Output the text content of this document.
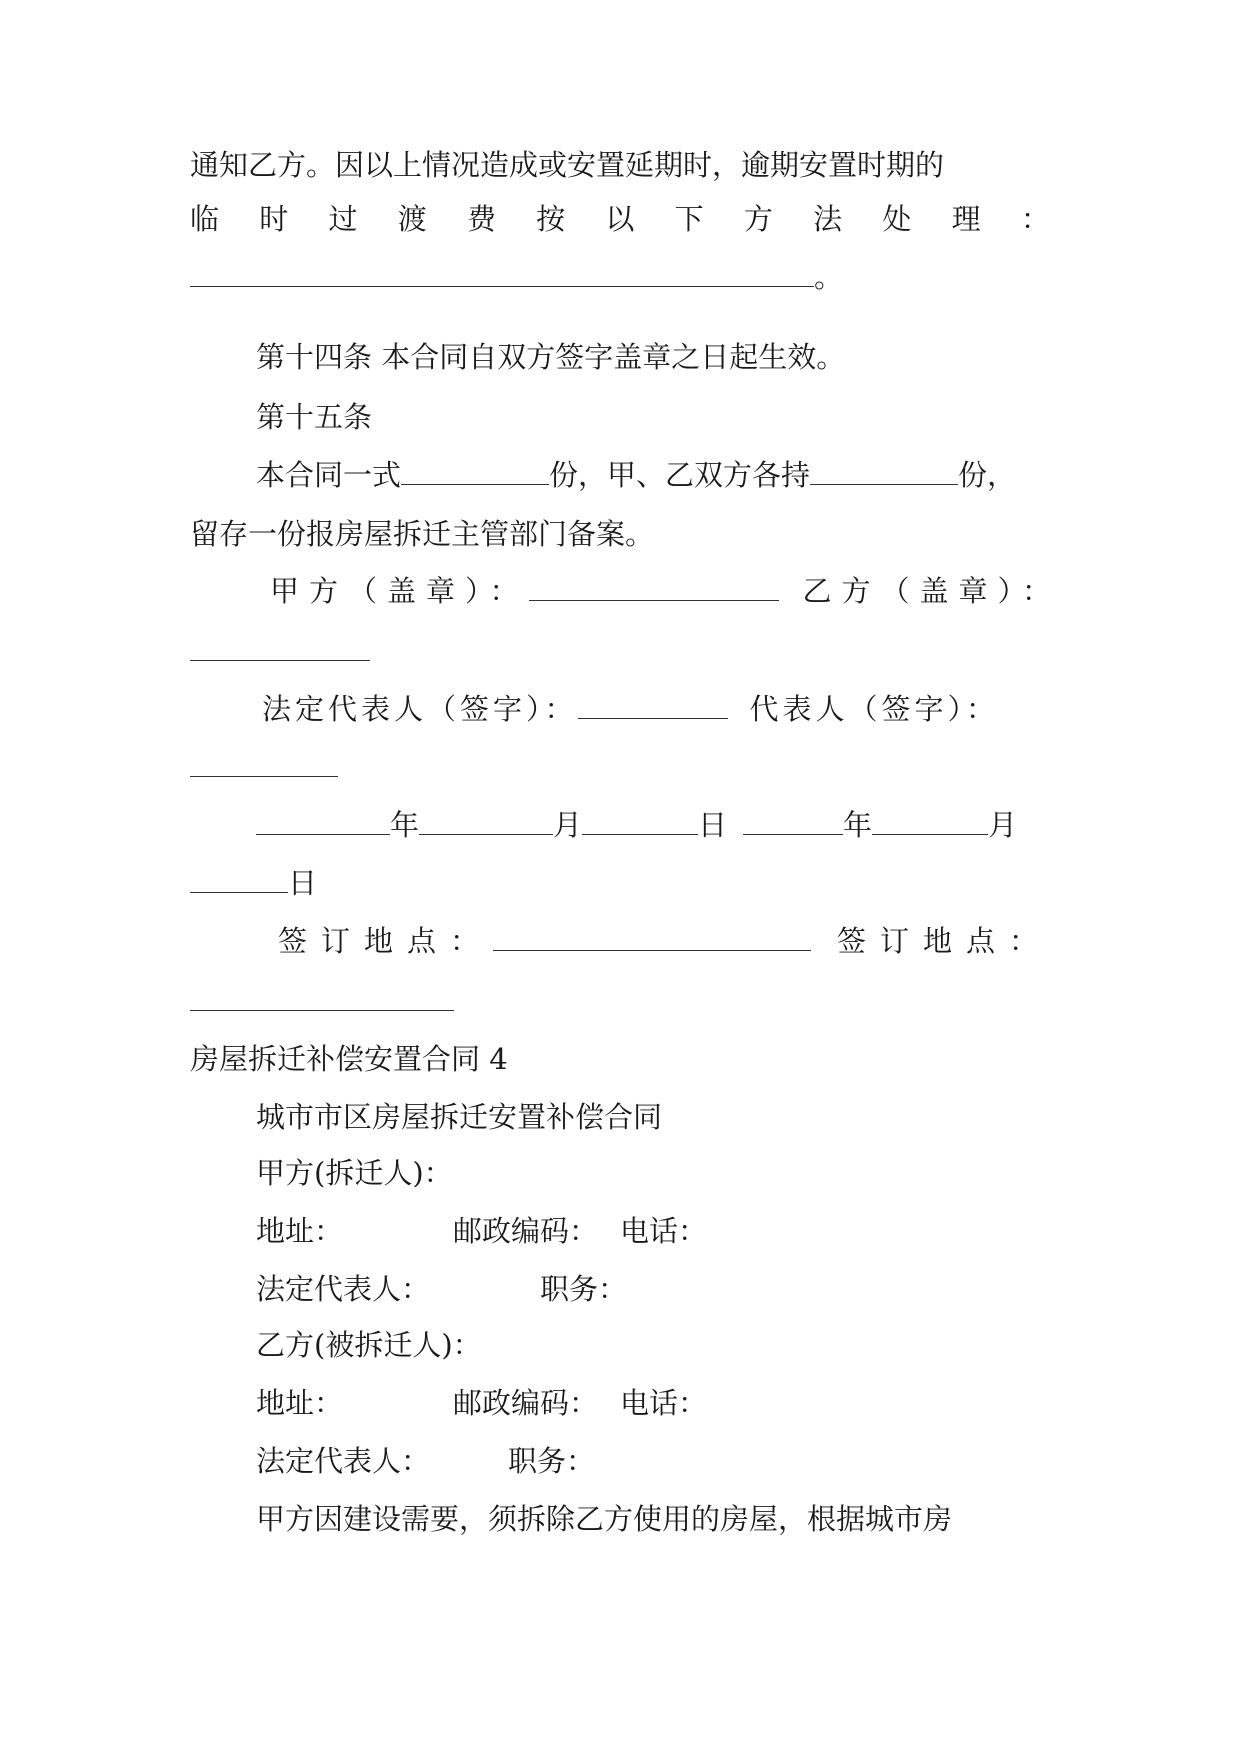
通知乙方。因以上情况造成或安置延期时，逾期安置时期的
临 时 过 渡 费 按 以 下 方 法 处 理 ：
。
第十四条 本合同自双方签字盖章之日起生效。
第十五条
本合同一式	份，甲、乙双方各持	份，
留存一份报房屋拆迁主管部门备案。
甲方（盖章）：	乙方（盖章）：
法定代表人（签字）：	代表人（签字）：
年	月	日	年	月
日
签订地点：	签订地点：
房屋拆迁补偿安置合同 4
城市市区房屋拆迁安置补偿合同
甲方(拆迁人)：
地址：	邮政编码： 电话：
法定代表人：	职务：
乙方(被拆迁人)：
地址：	邮政编码： 电话：
法定代表人：	职务：
甲方因建设需要，须拆除乙方使用的房屋，根据城市房
